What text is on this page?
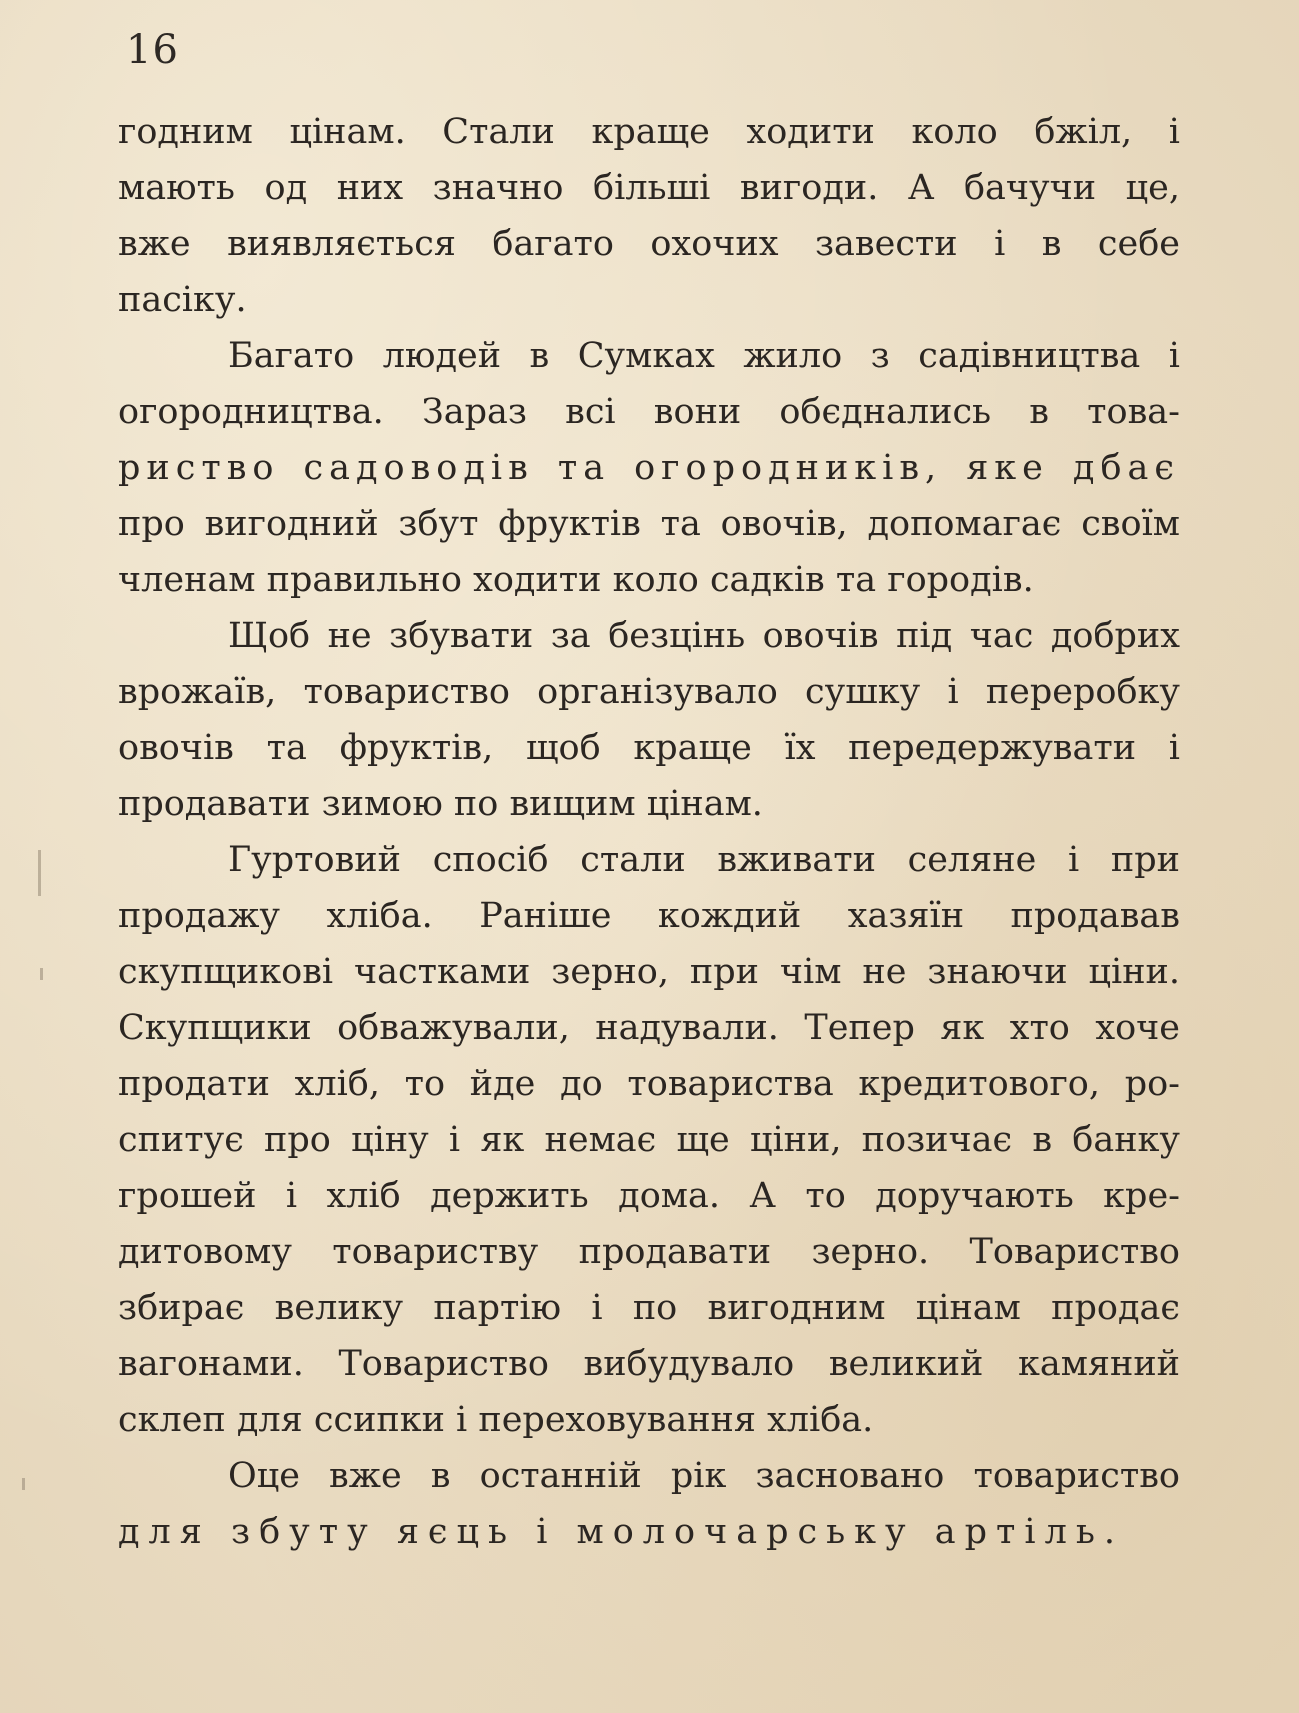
16
годним цінам. Стали краще ходити коло бжіл, і
мають од них значно більші вигоди. А бачучи це,
вже виявляється багато охочих завести і в себе
пасіку.
Багато людей в Сумках жило з садівництва і
огородництва. Зараз всі вони обєднались в това-
риство садоводів та огородників, яке дбає
про вигодний збут фруктів та овочів, допомагає своїм
членам правильно ходити коло садків та городів.
Щоб не збувати за безцінь овочів під час добрих
врожаїв, товариство організувало сушку і переробку
овочів та фруктів, щоб краще їх передержувати і
продавати зимою по вищим цінам.
Гуртовий спосіб стали вживати селяне і при
продажу хліба. Раніше кождий хазяїн продавав
скупщикові частками зерно, при чім не знаючи ціни.
Скупщики обважували, надували. Тепер як хто хоче
продати хліб, то йде до товариства кредитового, ро-
спитує про ціну і як немає ще ціни, позичає в банку
грошей і хліб держить дома. А то доручають кре-
дитовому товариству продавати зерно. Товариство
збирає велику партію і по вигодним цінам продає
вагонами. Товариство вибудувало великий камяний
склеп для ссипки і переховування хліба.
Оце вже в останній рік засновано товариство
для збуту яєць і молочарську артіль.
